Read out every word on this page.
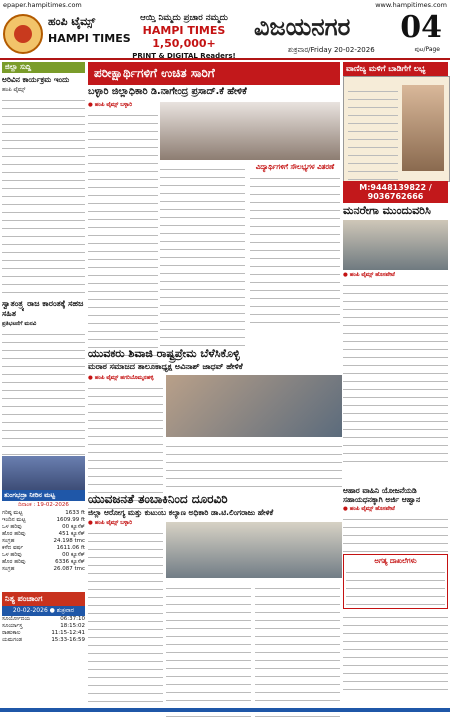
epaper.hampitimes.com	www.hampitimes.com
ಹಂಪಿ ಟೈಮ್ಸ್
HAMPI TIMES
ಆಯ್ತಿ ನಿಮ್ಮದು ಪ್ರಚಾರ ನಮ್ಮದು
HAMPI TIMES 1,50,000+
PRINT & DIGITAL Readers!
ವಿಜಯನಗರ
ಶುಕ್ರವಾರ/Friday 20-02-2026
04
ಪುಟ/Page
ಜಿಲ್ಲಾ ಸುದ್ದಿ
ಅರಿವಿನ ಕಾರ್ಯಕ್ರಮ ಇಂದು
ಹಂಪಿ ಟೈಮ್ಸ್
ಸ್ವಾತಂತ್ರ್ಯ ರಾಜ ಕಾರಂತಕ್ಕೆ ಸಹಜ ಸಹಿತ
ಪ್ರತಿಭಟನೆಗೆ ಮನವಿ
ತುಂಗಭದ್ರಾ ನೀರಿನ ಮಟ್ಟ
ದಿನಾಂಕ : 19-02-2026
ಗರಿಷ್ಠ ಮಟ್ಟ	1633 ft
ಇಂದಿನ ಮಟ್ಟ	1609.99 ft
ಒಳ ಹರಿವು	00 ಕ್ಯೂಸೆಕ್
ಹೊರ ಹರಿವು	451 ಕ್ಯೂಸೆಕ್
ಸಂಗ್ರಹ	24.198 tmc
ಕಳೆದ ವರ್ಷ	1611.06 ft
ಒಳ ಹರಿವು	00 ಕ್ಯೂಸೆಕ್
ಹೊರ ಹರಿವು	6336 ಕ್ಯೂಸೆಕ್
ಸಂಗ್ರಹ	26.087 tmc
ನಿತ್ಯ ಪಂಚಾಂಗ
20-02-2026 ● ಶುಕ್ರವಾರ
ಸೂರ್ಯೋದಯ	06:37:10
ಸೂರ್ಯಾಸ್ತ	18:15:02
ರಾಹುಕಾಲ	11:15-12:41
ಯಮಗಂಡ	15:33-16:59
ಪರೀಕ್ಷಾರ್ಥಿಗಳಿಗೆ ಉಚಿತ ಸಾರಿಗೆ
ಬಳ್ಳಾರಿ ಜಿಲ್ಲಾಧಿಕಾರಿ ಡಿ.ನಾಗೇಂದ್ರ ಪ್ರಸಾದ್.ಕೆ ಹೇಳಿಕೆ
● ಹಂಪಿ ಟೈಮ್ಸ್ ಬಳ್ಳಾರಿ
ವಿದ್ಯಾರ್ಥಿಗಳಿಗೆ ಸೌಲಭ್ಯಗಳ ವಿತರಣೆ
ಯುವಕರು ಶಿವಾಜಿ ರಾಷ್ಟ್ರಪ್ರೇಮ ಬೆಳೆಸಿಕೊಳ್ಳಿ
ಮರಾಠ ಸಮಾಜದ ತಾಲೂಕಾಧ್ಯಕ್ಷ ಅವಿನಾಶ್ ಜಾಧವ್ ಹೇಳಿಕೆ
● ಹಂಪಿ ಟೈಮ್ಸ್ ಹಗರಿಬೊಮ್ಮನಹಳ್ಳಿ
ಯುವಜನತೆ ತಂಬಾಕಿನಿಂದ ದೂರವಿರಿ
ಜಿಲ್ಲಾ ಆರೋಗ್ಯ ಮತ್ತು ಕುಟುಂಬ ಕಲ್ಯಾಣ ಅಧಿಕಾರಿ ಡಾ.ಟಿ.ಲಿಂಗರಾಜು ಹೇಳಿಕೆ
● ಹಂಪಿ ಟೈಮ್ಸ್ ಬಳ್ಳಾರಿ
ವಾಣಿಜ್ಯ ಮಳಿಗೆ ಬಾಡಿಗೆಗೆ ಲಭ್ಯ
M:9448139822 / 9036762666
ಮನರೇಗಾ ಮುಂದುವರಿಸಿ
● ಹಂಪಿ ಟೈಮ್ಸ್ ಹೊಸಪೇಟೆ
ಆಹಾರ ವಾಹಿನಿ ಯೋಜನೆಯಡಿ ಸಹಾಯಧನಕ್ಕಾಗಿ ಅರ್ಜಿ ಆಹ್ವಾನ
● ಹಂಪಿ ಟೈಮ್ಸ್ ಹೊಸಪೇಟೆ
ಅಗತ್ಯ ದಾಖಲೆಗಳು
